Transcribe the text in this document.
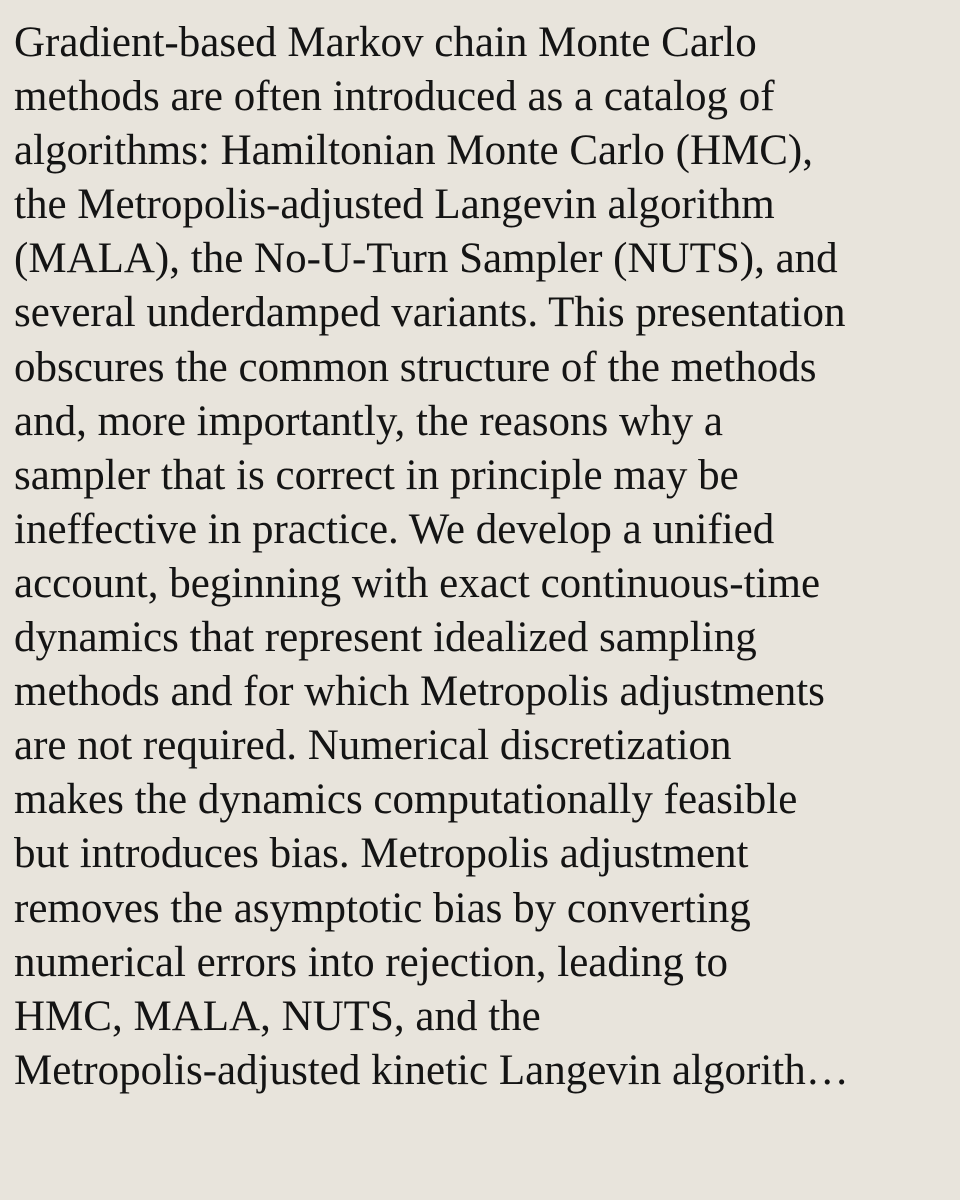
Gradient-based Markov chain Monte Carlo
methods are often introduced as a catalog of
algorithms: Hamiltonian Monte Carlo (HMC),
the Metropolis-adjusted Langevin algorithm
(MALA), the No-U-Turn Sampler (NUTS), and
several underdamped variants. This presentation
obscures the common structure of the methods
and, more importantly, the reasons why a
sampler that is correct in principle may be
ineffective in practice. We develop a unified
account, beginning with exact continuous-time
dynamics that represent idealized sampling
methods and for which Metropolis adjustments
are not required. Numerical discretization
makes the dynamics computationally feasible
but introduces bias. Metropolis adjustment
removes the asymptotic bias by converting
numerical errors into rejection, leading to
HMC, MALA, NUTS, and the
Metropolis-adjusted kinetic Langevin algorith…
